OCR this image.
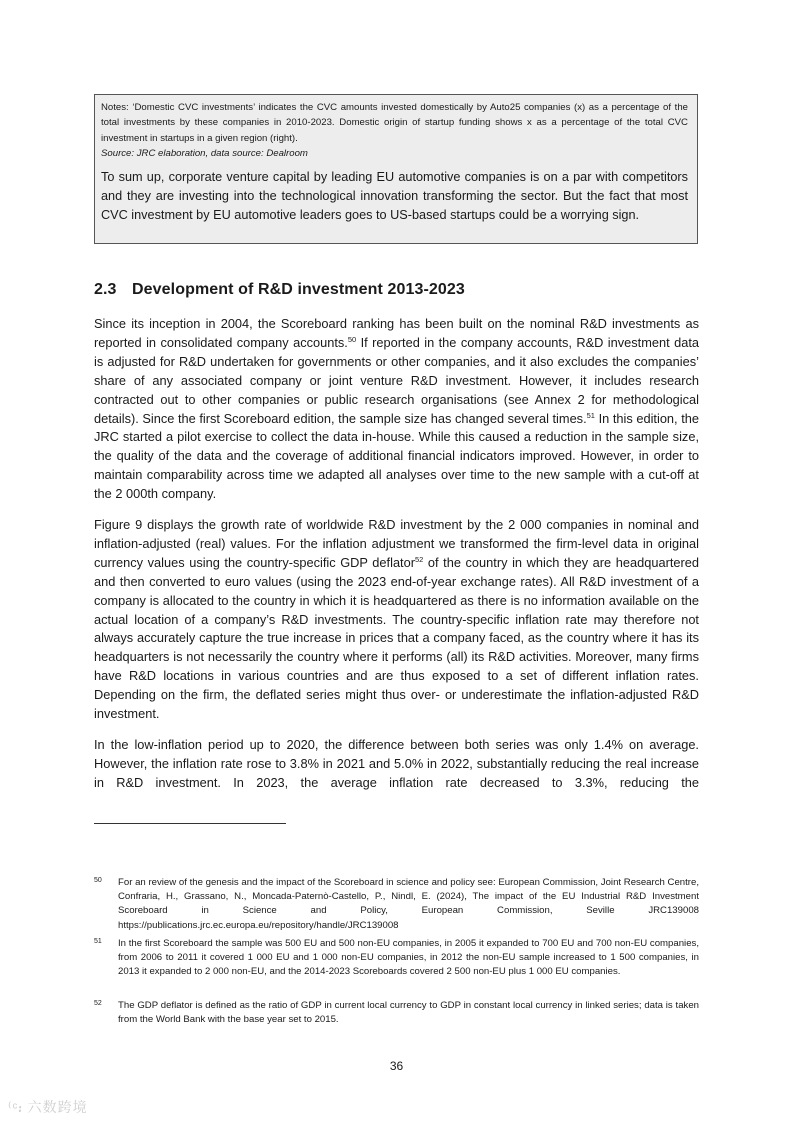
Notes: ‘Domestic CVC investments’ indicates the CVC amounts invested domestically by Auto25 companies (x) as a percentage of the total investments by these companies in 2010-2023. Domestic origin of startup funding shows x as a percentage of the total CVC investment in startups in a given region (right).
Source: JRC elaboration, data source: Dealroom
To sum up, corporate venture capital by leading EU automotive companies is on a par with competitors and they are investing into the technological innovation transforming the sector. But the fact that most CVC investment by EU automotive leaders goes to US-based startups could be a worrying sign.
2.3 Development of R&D investment 2013-2023

Since its inception in 2004, the Scoreboard ranking has been built on the nominal R&D investments as reported in consolidated company accounts.$^{50}$ If reported in the company accounts, R&D investment data is adjusted for R&D undertaken for governments or other companies, and it also excludes the companies’ share of any associated company or joint venture R&D investment. However, it includes research contracted out to other companies or public research organisations (see Annex 2 for methodological details). Since the first Scoreboard edition, the sample size has changed several times.$^{51}$ In this edition, the JRC started a pilot exercise to collect the data in-house. While this caused a reduction in the sample size, the quality of the data and the coverage of additional financial indicators improved. However, in order to maintain comparability across time we adapted all analyses over time to the new sample with a cut-off at the 2 000th company.

Figure 9 displays the growth rate of worldwide R&D investment by the 2 000 companies in nominal and inflation-adjusted (real) values. For the inflation adjustment we transformed the firm-level data in original currency values using the country-specific GDP deflator$^{52}$ of the country in which they are headquartered and then converted to euro values (using the 2023 end-of-year exchange rates). All R&D investment of a company is allocated to the country in which it is headquartered as there is no information available on the actual location of a company’s R&D investments. The country-specific inflation rate may therefore not always accurately capture the true increase in prices that a company faced, as the country where it has its headquarters is not necessarily the country where it performs (all) its R&D activities. Moreover, many firms have R&D locations in various countries and are thus exposed to a set of different inflation rates. Depending on the firm, the deflated series might thus over- or underestimate the inflation-adjusted R&D investment.

In the low-inflation period up to 2020, the difference between both series was only 1.4% on average. However, the inflation rate rose to 3.8% in 2021 and 5.0% in 2022, substantially reducing the real increase in R&D investment. In 2023, the average inflation rate decreased to 3.3%, reducing the

50 For an review of the genesis and the impact of the Scoreboard in science and policy see: European Commission, Joint Research Centre, Confraria, H., Grassano, N., Moncada-Paternò-Castello, P., Nindl, E. (2024), The impact of the EU Industrial R&D Investment Scoreboard in Science and Policy, European Commission, Seville JRC139008 https://publications.jrc.ec.europa.eu/repository/handle/JRC139008
51 In the first Scoreboard the sample was 500 EU and 500 non-EU companies, in 2005 it expanded to 700 EU and 700 non-EU companies, from 2006 to 2011 it covered 1 000 EU and 1 000 non-EU companies, in 2012 the non-EU sample increased to 1 500 companies, in 2013 it expanded to 2 000 non-EU, and the 2014-2023 Scoreboards covered 2 500 non-EU plus 1 000 EU companies.
52 The GDP deflator is defined as the ratio of GDP in current local currency to GDP in constant local currency in linked series; data is taken from the World Bank with the base year set to 2015.
36
⁽ᶜ᎓ 六数跨境
